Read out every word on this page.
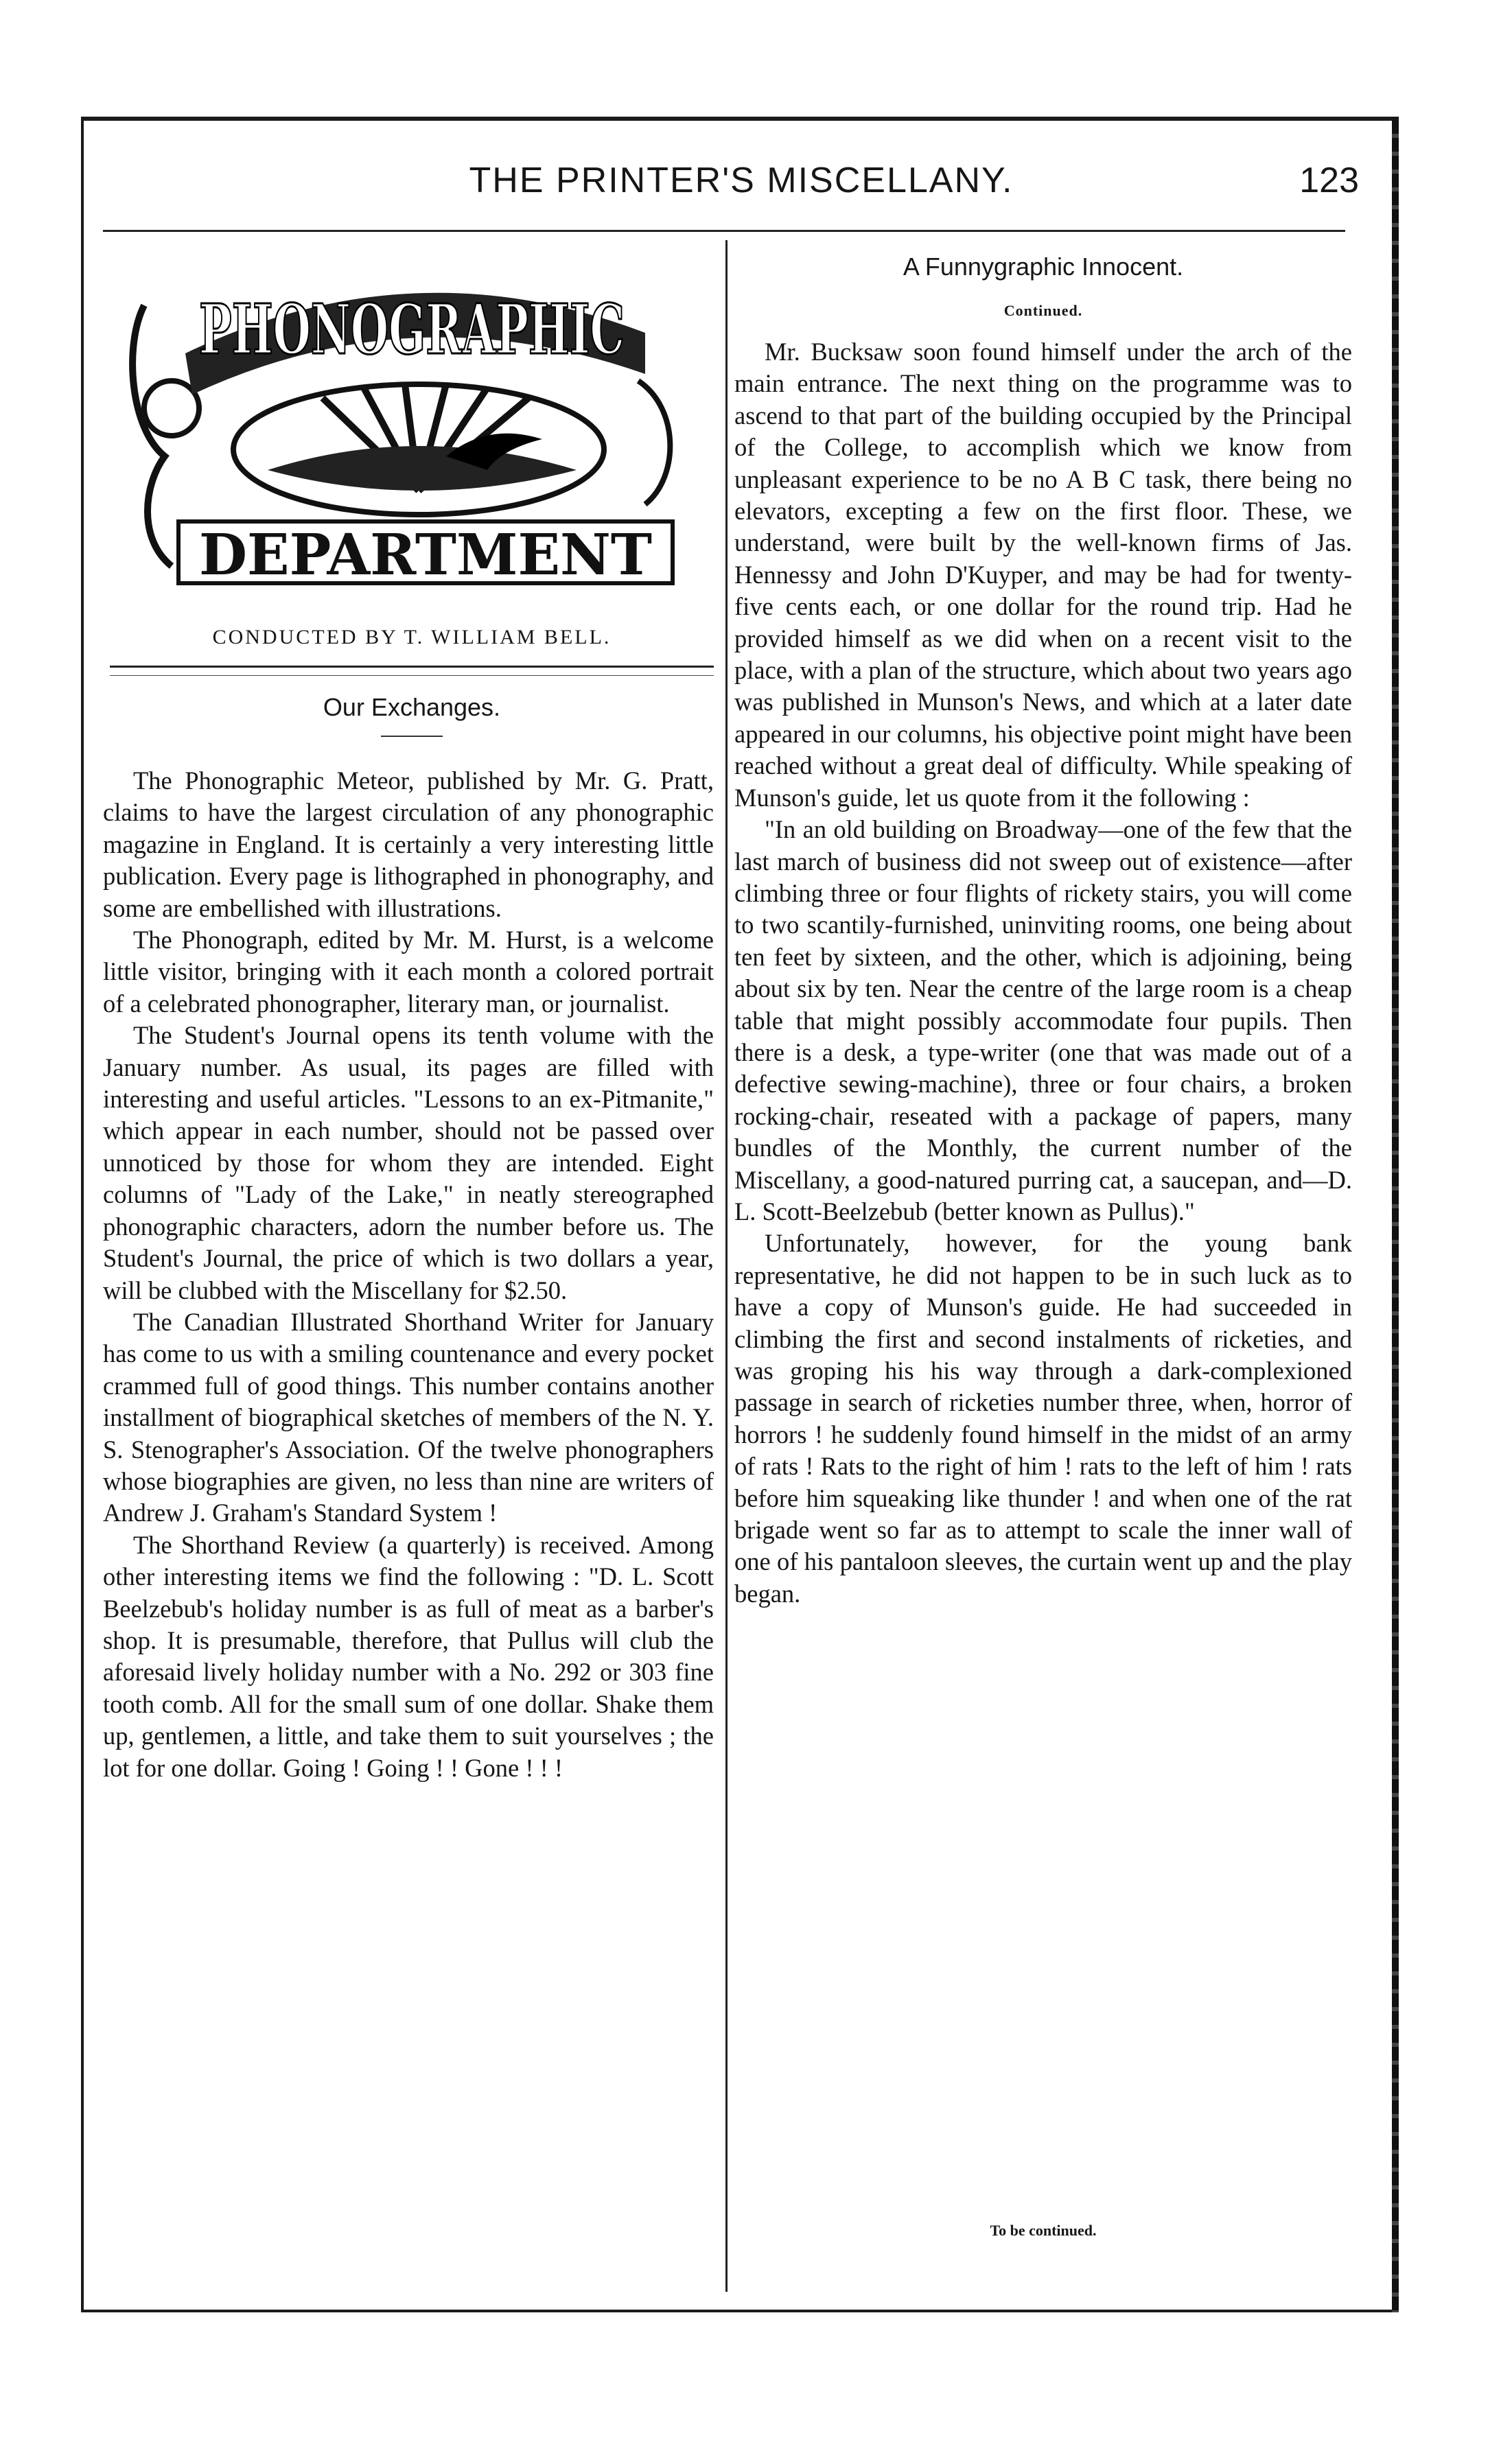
THE PRINTER'S MISCELLANY.	123
PHONOGRAPHIC
DEPARTMENT
CONDUCTED BY T. WILLIAM BELL.
Our Exchanges.

The Phonographic Meteor, published by Mr. G. Pratt, claims to have the largest circulation of any phonographic magazine in England. It is certainly a very interesting little publication. Every page is lithographed in phonography, and some are embellished with illustrations.

The Phonograph, edited by Mr. M. Hurst, is a welcome little visitor, bringing with it each month a colored portrait of a celebrated phonographer, literary man, or journalist.

The Student's Journal opens its tenth volume with the January number. As usual, its pages are filled with interesting and useful articles. "Lessons to an ex-Pitmanite," which appear in each number, should not be passed over unnoticed by those for whom they are intended. Eight columns of "Lady of the Lake," in neatly stereographed phonographic characters, adorn the number before us. The Student's Journal, the price of which is two dollars a year, will be clubbed with the Miscellany for $2.50.

The Canadian Illustrated Shorthand Writer for January has come to us with a smiling countenance and every pocket crammed full of good things. This number contains another installment of biographical sketches of members of the N. Y. S. Stenographer's Association. Of the twelve phonographers whose biographies are given, no less than nine are writers of Andrew J. Graham's Standard System !

The Shorthand Review (a quarterly) is received. Among other interesting items we find the following : "D. L. Scott Beelzebub's holiday number is as full of meat as a barber's shop. It is presumable, therefore, that Pullus will club the aforesaid lively holiday number with a No. 292 or 303 fine tooth comb. All for the small sum of one dollar. Shake them up, gentlemen, a little, and take them to suit yourselves ; the lot for one dollar. Going ! Going ! ! Gone ! ! !

A Funnygraphic Innocent.
Continued.

Mr. Bucksaw soon found himself under the arch of the main entrance. The next thing on the programme was to ascend to that part of the building occupied by the Principal of the College, to accomplish which we know from unpleasant experience to be no A B C task, there being no elevators, excepting a few on the first floor. These, we understand, were built by the well-known firms of Jas. Hennessy and John D'Kuyper, and may be had for twenty-five cents each, or one dollar for the round trip. Had he provided himself as we did when on a recent visit to the place, with a plan of the structure, which about two years ago was published in Munson's News, and which at a later date appeared in our columns, his objective point might have been reached without a great deal of difficulty. While speaking of Munson's guide, let us quote from it the following :

"In an old building on Broadway—one of the few that the last march of business did not sweep out of existence—after climbing three or four flights of rickety stairs, you will come to two scantily-furnished, uninviting rooms, one being about ten feet by sixteen, and the other, which is adjoining, being about six by ten. Near the centre of the large room is a cheap table that might possibly accommodate four pupils. Then there is a desk, a type-writer (one that was made out of a defective sewing-machine), three or four chairs, a broken rocking-chair, reseated with a package of papers, many bundles of the Monthly, the current number of the Miscellany, a good-natured purring cat, a saucepan, and—D. L. Scott-Beelzebub (better known as Pullus)."

Unfortunately, however, for the young bank representative, he did not happen to be in such luck as to have a copy of Munson's guide. He had succeeded in climbing the first and second instalments of ricketies, and was groping his his way through a dark-complexioned passage in search of ricketies number three, when, horror of horrors ! he suddenly found himself in the midst of an army of rats ! Rats to the right of him ! rats to the left of him ! rats before him squeaking like thunder ! and when one of the rat brigade went so far as to attempt to scale the inner wall of one of his pantaloon sleeves, the curtain went up and the play began.

To be continued.
